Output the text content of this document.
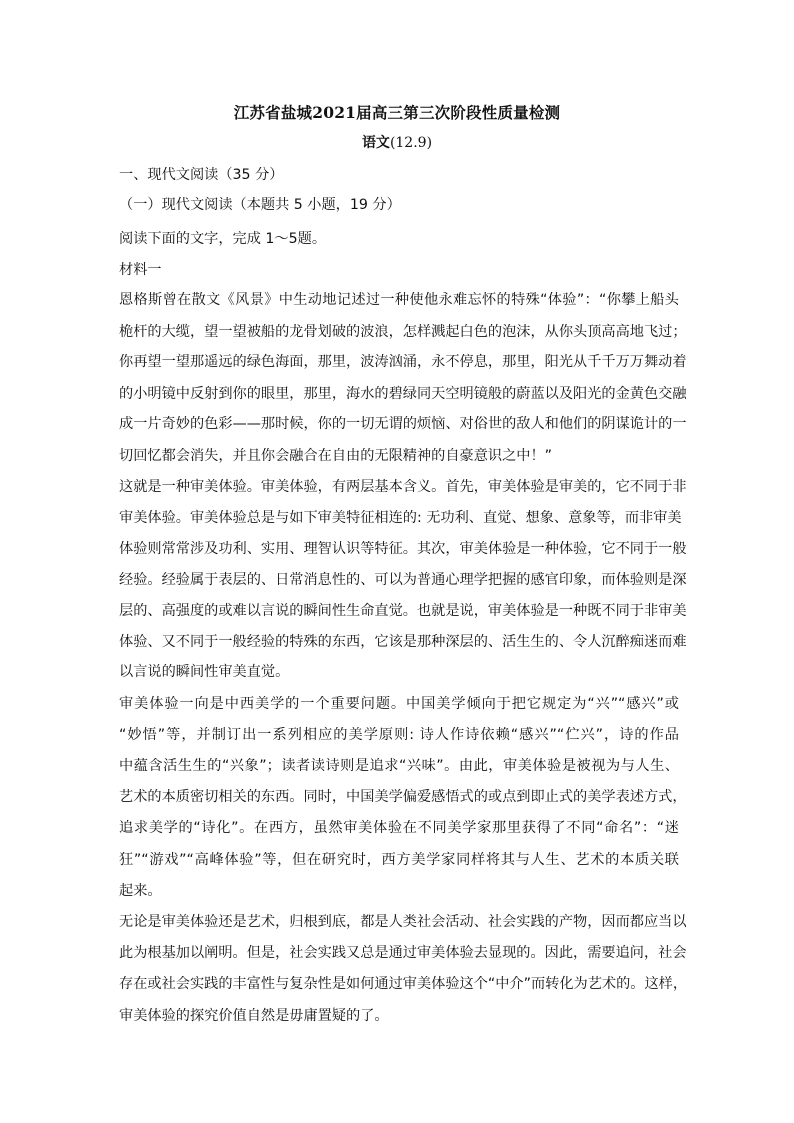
江苏省盐城2021届高三第三次阶段性质量检测
语文(12.9)
一、现代文阅读（35 分）
（一）现代文阅读（本题共 5 小题，19 分）
阅读下面的文字，完成 1～5题。
材料一
恩格斯曾在散文《风景》中生动地记述过一种使他永难忘怀的特殊“体验”：“你攀上船头
桅杆的大缆，望一望被船的龙骨划破的波浪，怎样溅起白色的泡沫，从你头顶高高地飞过；
你再望一望那遥远的绿色海面，那里，波涛汹涌，永不停息，那里，阳光从千千万万舞动着
的小明镜中反射到你的眼里，那里，海水的碧绿同天空明镜般的蔚蓝以及阳光的金黄色交融
成一片奇妙的色彩——那时候，你的一切无谓的烦恼、对俗世的敌人和他们的阴谋诡计的一
切回忆都会消失，并且你会融合在自由的无限精神的自豪意识之中！”
这就是一种审美体验。审美体验，有两层基本含义。首先，审美体验是审美的，它不同于非
审美体验。审美体验总是与如下审美特征相连的: 无功利、直觉、想象、意象等，而非审美
体验则常常涉及功利、实用、理智认识等特征。其次，审美体验是一种体验，它不同于一般
经验。经验属于表层的、日常消息性的、可以为普通心理学把握的感官印象，而体验则是深
层的、高强度的或难以言说的瞬间性生命直觉。也就是说，审美体验是一种既不同于非审美
体验、又不同于一般经验的特殊的东西，它该是那种深层的、活生生的、令人沉醉痴迷而难
以言说的瞬间性审美直觉。
审美体验一向是中西美学的一个重要问题。中国美学倾向于把它规定为“兴”“感兴”或
“妙悟”等，并制订出一系列相应的美学原则: 诗人作诗依赖“感兴”“伫兴”，诗的作品
中蕴含活生生的“兴象”；读者读诗则是追求“兴味”。由此，审美体验是被视为与人生、
艺术的本质密切相关的东西。同时，中国美学偏爱感悟式的或点到即止式的美学表述方式，
追求美学的“诗化”。在西方，虽然审美体验在不同美学家那里获得了不同“命名”：“迷
狂”“游戏”“高峰体验”等，但在研究时，西方美学家同样将其与人生、艺术的本质关联
起来。
无论是审美体验还是艺术，归根到底，都是人类社会活动、社会实践的产物，因而都应当以
此为根基加以阐明。但是，社会实践又总是通过审美体验去显现的。因此，需要追问，社会
存在或社会实践的丰富性与复杂性是如何通过审美体验这个“中介”而转化为艺术的。这样，
审美体验的探究价值自然是毋庸置疑的了。
